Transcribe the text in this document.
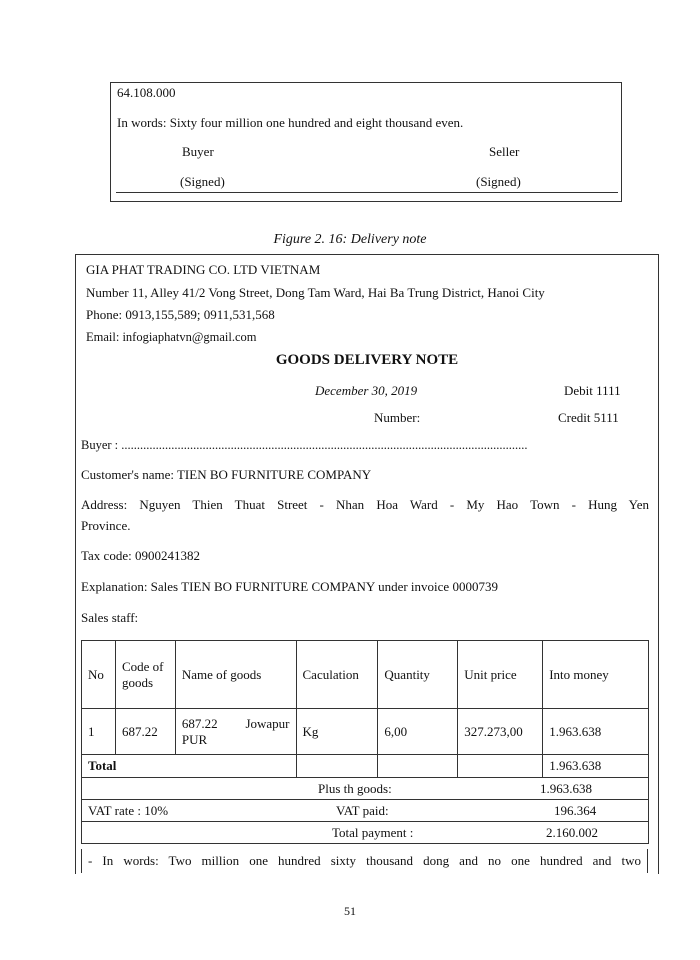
64.108.000
In words: Sixty four million one hundred and eight thousand even.
Buyer	Seller
(Signed)	(Signed)
Figure 2. 16: Delivery note
GIA PHAT TRADING CO. LTD VIETNAM
Number 11, Alley 41/2 Vong Street, Dong Tam Ward, Hai Ba Trung District, Hanoi City
Phone: 0913,155,589; 0911,531,568
Email: infogiaphatvn@gmail.com
GOODS DELIVERY NOTE
December 30, 2019	Debit 1111
Number:	Credit 5111
Buyer : ..................................................................................................................................
Customer's name: TIEN BO FURNITURE COMPANY
Address: Nguyen Thien Thuat Street - Nhan Hoa Ward - My Hao Town - Hung Yen
Province.
Tax code: 0900241382
Explanation: Sales TIEN BO FURNITURE COMPANY under invoice 0000739
Sales staff:
No	Code of goods	Name of goods	Caculation	Quantity	Unit price	Into money
1	687.22	687.22 Jowapur PUR	Kg	6,00	327.273,00	1.963.638
Total						1.963.638
Plus th goods:	1.963.638

VAT rate : 10%	VAT paid:	196.364

Total payment :	2.160.002
- In words: Two million one hundred sixty thousand dong and no one hundred and two
51
